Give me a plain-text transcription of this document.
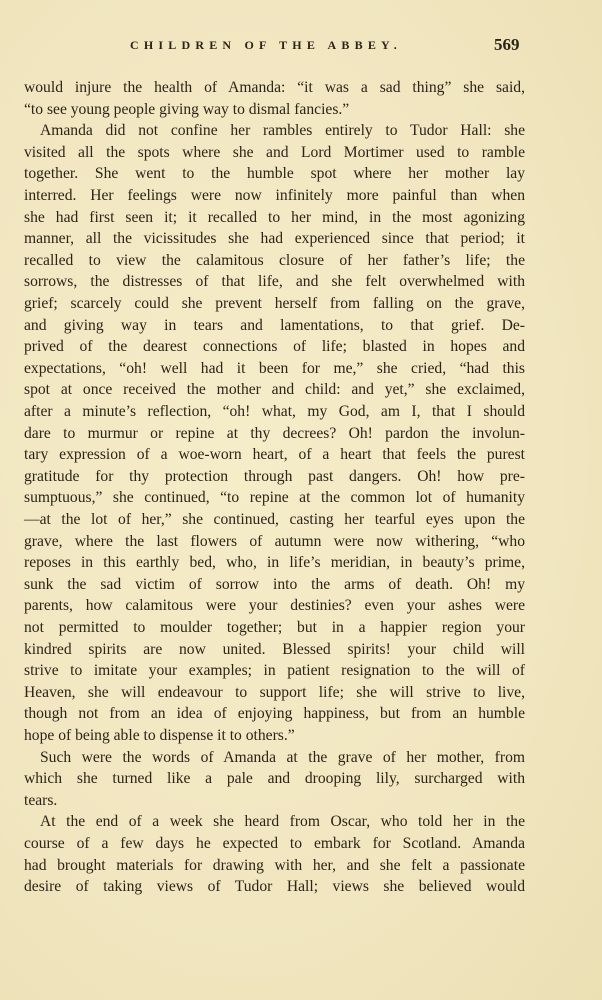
CHILDREN OF THE ABBEY.	569
would injure the health of Amanda: “it was a sad thing” she said,
“to see young people giving way to dismal fancies.”
Amanda did not confine her rambles entirely to Tudor Hall: she
visited all the spots where she and Lord Mortimer used to ramble
together. She went to the humble spot where her mother lay
interred. Her feelings were now infinitely more painful than when
she had first seen it; it recalled to her mind, in the most agonizing
manner, all the vicissitudes she had experienced since that period; it
recalled to view the calamitous closure of her father’s life; the
sorrows, the distresses of that life, and she felt overwhelmed with
grief; scarcely could she prevent herself from falling on the grave,
and giving way in tears and lamentations, to that grief. De-
prived of the dearest connections of life; blasted in hopes and
expectations, “oh! well had it been for me,” she cried, “had this
spot at once received the mother and child: and yet,” she exclaimed,
after a minute’s reflection, “oh! what, my God, am I, that I should
dare to murmur or repine at thy decrees? Oh! pardon the involun-
tary expression of a woe-worn heart, of a heart that feels the purest
gratitude for thy protection through past dangers. Oh! how pre-
sumptuous,” she continued, “to repine at the common lot of humanity
—at the lot of her,” she continued, casting her tearful eyes upon the
grave, where the last flowers of autumn were now withering, “who
reposes in this earthly bed, who, in life’s meridian, in beauty’s prime,
sunk the sad victim of sorrow into the arms of death. Oh! my
parents, how calamitous were your destinies? even your ashes were
not permitted to moulder together; but in a happier region your
kindred spirits are now united. Blessed spirits! your child will
strive to imitate your examples; in patient resignation to the will of
Heaven, she will endeavour to support life; she will strive to live,
though not from an idea of enjoying happiness, but from an humble
hope of being able to dispense it to others.”
Such were the words of Amanda at the grave of her mother, from
which she turned like a pale and drooping lily, surcharged with
tears.
At the end of a week she heard from Oscar, who told her in the
course of a few days he expected to embark for Scotland. Amanda
had brought materials for drawing with her, and she felt a passionate
desire of taking views of Tudor Hall; views she believed would
